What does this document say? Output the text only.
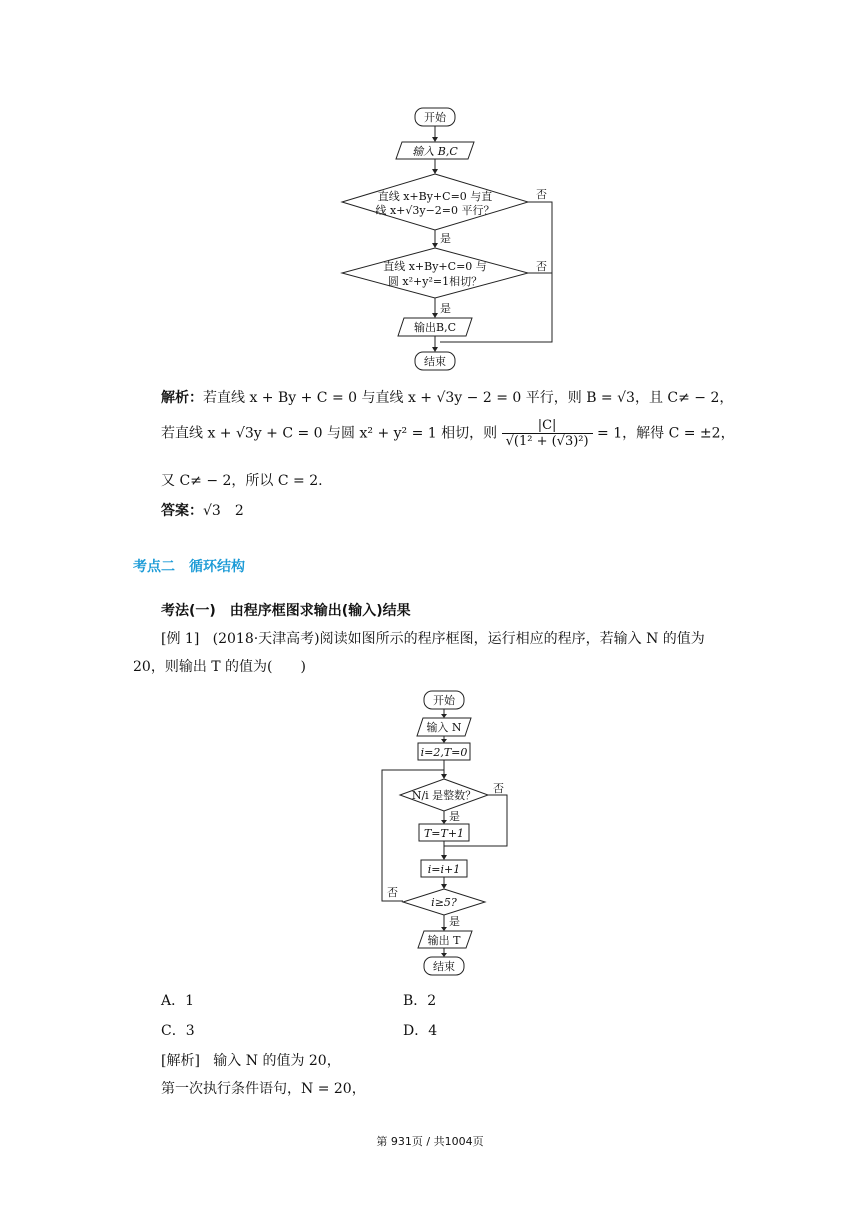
开始
输入 B,C
直线 x+By+C=0 与直
线 x+√3y−2=0 平行？
否
是
直线 x+By+C=0 与
圆 x²+y²=1相切？
否
是
输出B,C
结束
解析：若直线 x + By + C = 0 与直线 x + √3y − 2 = 0 平行，则 B = √3，且 C≠ − 2，
若直线 x + √3y + C = 0 与圆 x² + y² = 1 相切，则 $\frac{|C|}{\text{√(1² + (√3)²)}} = 1$，解得 C = ±2，
又 C≠ − 2，所以 C = 2.
答案：√3　2
考点二　循环结构
考法(一)　由程序框图求输出(输入)结果
[例 1] (2018·天津高考)阅读如图所示的程序框图，运行相应的程序，若输入 N 的值为
20，则输出 T 的值为(　　)
开始
输入 N
i=2,T=0
N/i 是整数？
否
是
T=T+1
i=i+1
i≥5?
否
是
输出 T
结束
A．1	B．2
C．3	D．4
[解析] 输入 N 的值为 20，
第一次执行条件语句，N = 20，
第 931页 / 共1004页
